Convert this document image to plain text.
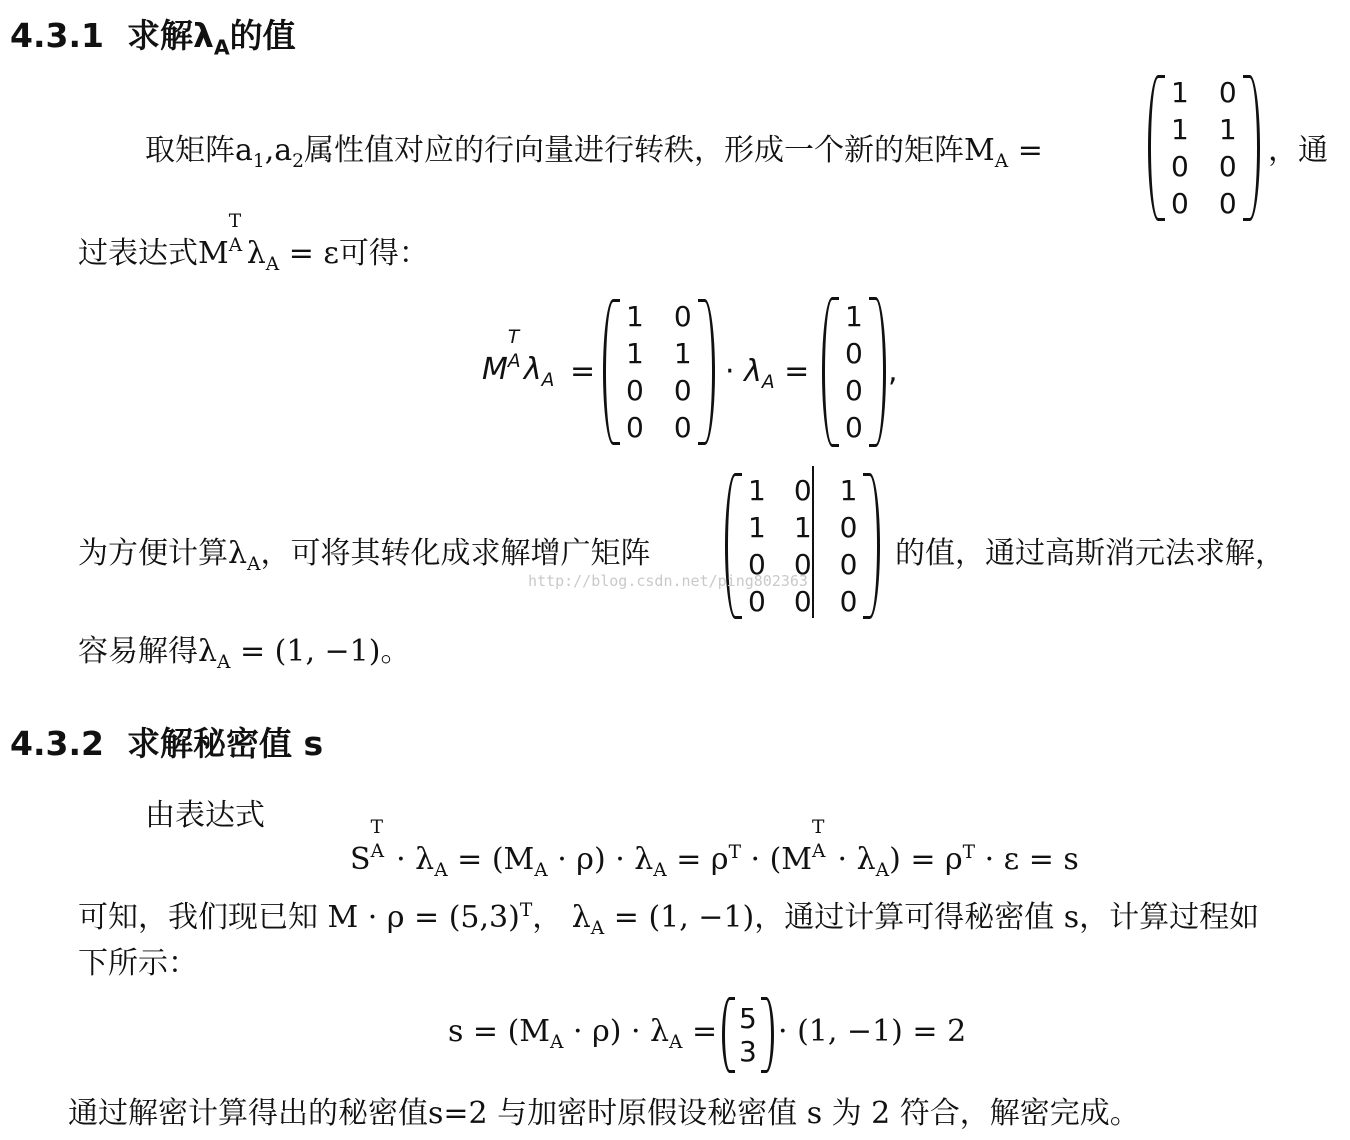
4.3.1 求解$\lambda_A$的值
取矩阵$a_1,a_2$属性值对应的行向量进行转秩，形成一个新的矩阵$M_A$ =
1 0
1 1
0 0
0 0
，通
过表达式M
T
A $\lambda_A = \varepsilon$可得：
M
T
A $\lambda_A$ =
1 0
1 1
0 0
0 0
· $\lambda_A$ =
1
0
0
0
,
为方便计算$\lambda_A$，可将其转化成求解增广矩阵
1 0 1
1 1 0
0 0 0
0 0 0
http://blog.csdn.net/ping802363
的值，通过高斯消元法求解，
容易解得$\lambda_A = (1$, −1)。
4.3.2 求解秘密值 s
由表达式
S
T
$A \cdot \lambda_A = (M_A \cdot \rho) \cdot \lambda_A = \rho^T \cdot (M$
T
$A \cdot \lambda_A) = \rho^T \cdot \varepsilon = s$
可知，我们现已知 $M \cdot \rho = (5,3)^T$， $\lambda_A = (1$, −1)，通过计算可得秘密值 s，计算过程如
下所示：
$s = (M_A \cdot \rho) \cdot \lambda_A = 5$
3
· (1, −1) = 2
通过解密计算得出的秘密值s=2 与加密时原假设秘密值 s 为 2 符合，解密完成。
